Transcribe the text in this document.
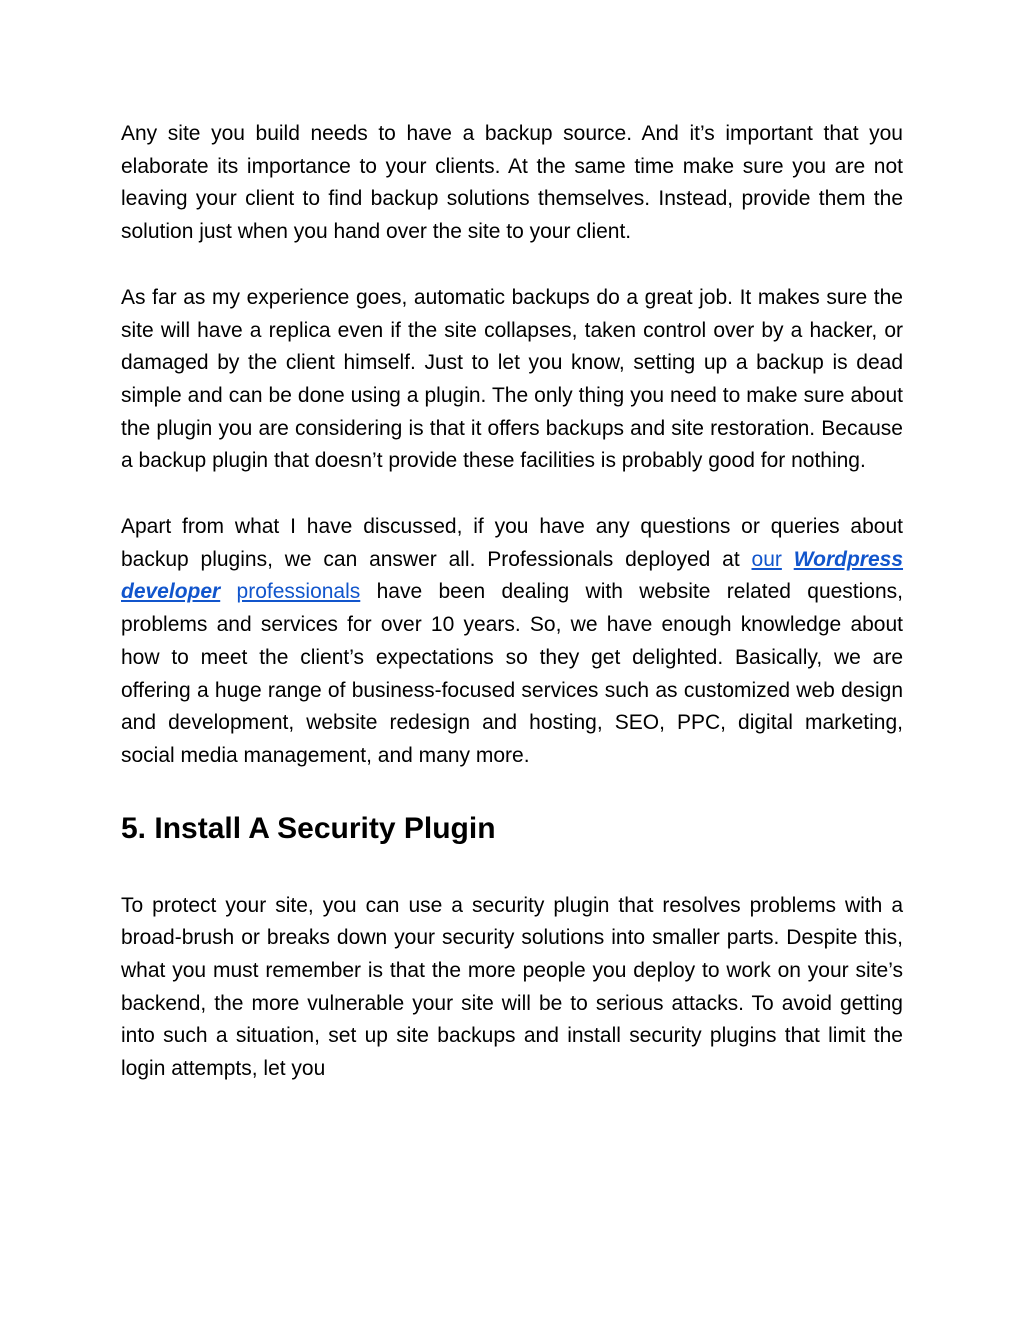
Any site you build needs to have a backup source. And it’s important that you elaborate its importance to your clients. At the same time make sure you are not leaving your client to find backup solutions themselves. Instead, provide them the solution just when you hand over the site to your client.

As far as my experience goes, automatic backups do a great job. It makes sure the site will have a replica even if the site collapses, taken control over by a hacker, or damaged by the client himself. Just to let you know, setting up a backup is dead simple and can be done using a plugin. The only thing you need to make sure about the plugin you are considering is that it offers backups and site restoration. Because a backup plugin that doesn’t provide these facilities is probably good for nothing.

Apart from what I have discussed, if you have any questions or queries about backup plugins, we can answer all. Professionals deployed at our Wordpress developer professionals have been dealing with website related questions, problems and services for over 10 years. So, we have enough knowledge about how to meet the client’s expectations so they get delighted. Basically, we are offering a huge range of business-focused services such as customized web design and development, website redesign and hosting, SEO, PPC, digital marketing, social media management, and many more.

5. Install A Security Plugin

To protect your site, you can use a security plugin that resolves problems with a broad-brush or breaks down your security solutions into smaller parts. Despite this, what you must remember is that the more people you deploy to work on your site’s backend, the more vulnerable your site will be to serious attacks. To avoid getting into such a situation, set up site backups and install security plugins that limit the login attempts, let you
